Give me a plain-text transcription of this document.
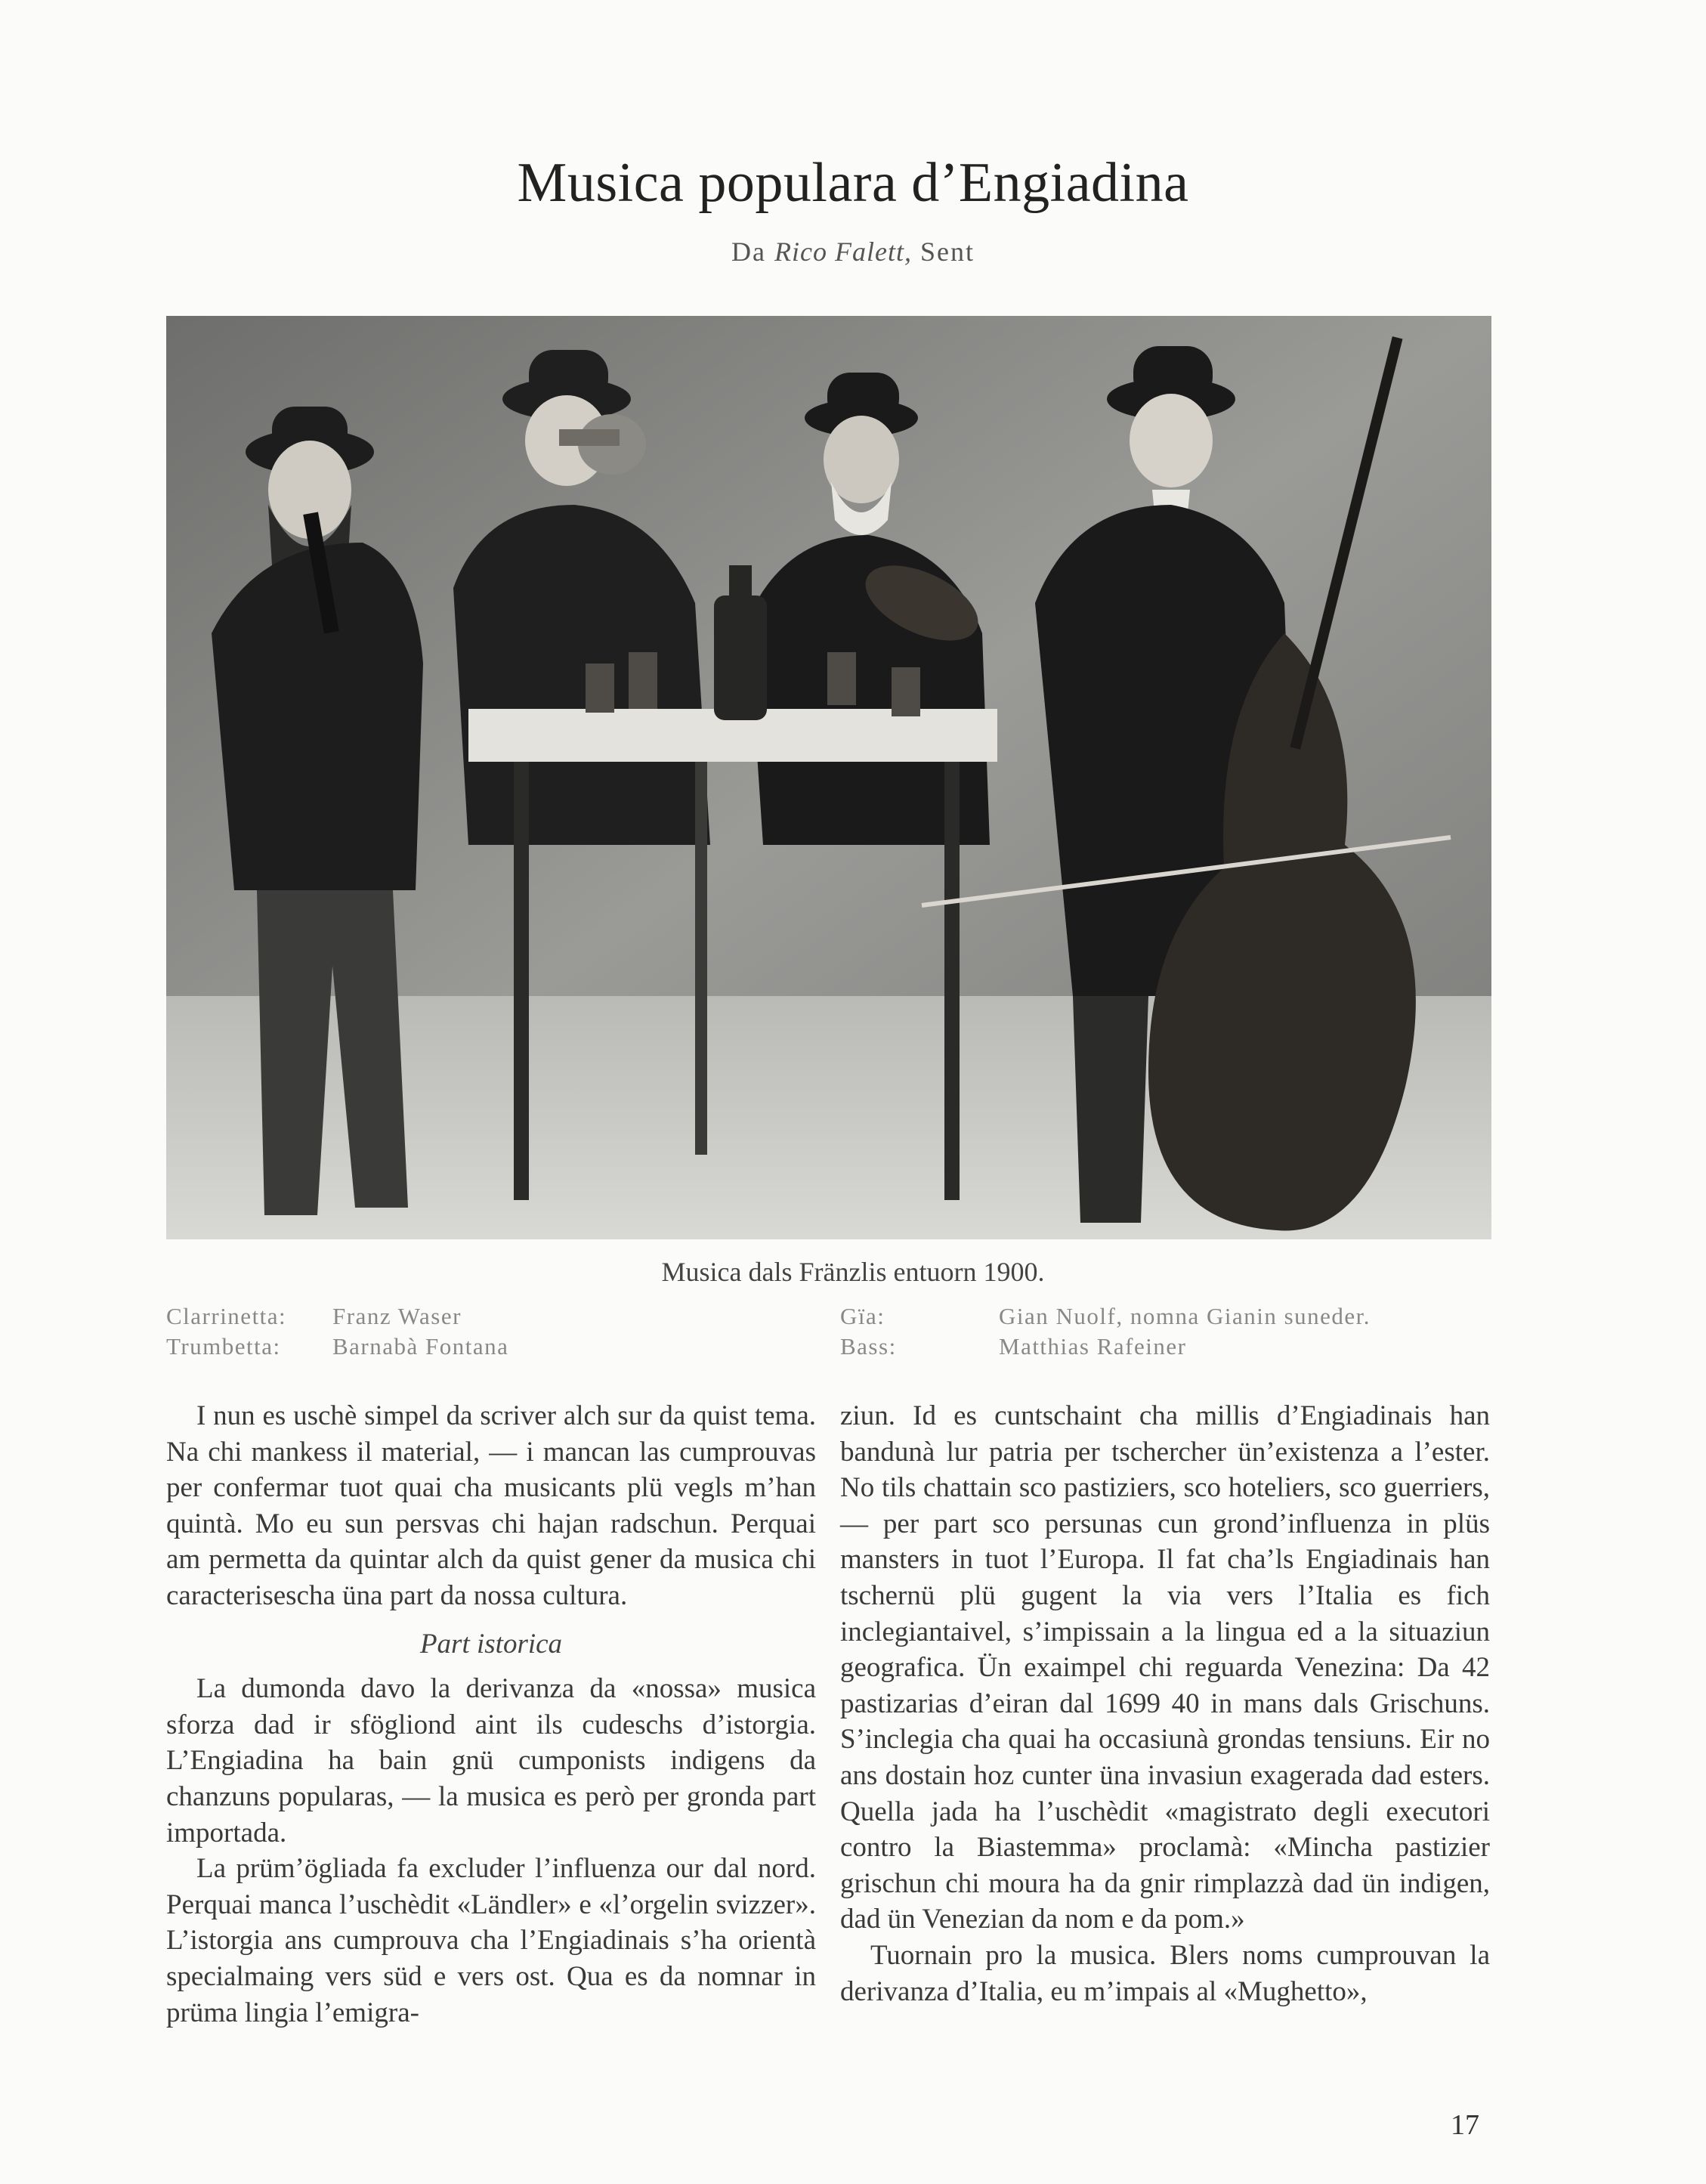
Musica populara d’Engiadina
Da Rico Falett, Sent
Musica dals Fränzlis entuorn 1900.
Clarrinetta:	Franz Waser
Trumbetta:	Barnabà Fontana
Gïa:	Gian Nuolf, nomna Gianin suneder.
Bass:	Matthias Rafeiner

I nun es uschè simpel da scriver alch sur da quist tema. Na chi mankess il material, — i mancan las cumprouvas per confermar tuot quai cha musicants plü vegls m’han quintà. Mo eu sun persvas chi hajan radschun. Perquai am permetta da quintar alch da quist gener da musica chi caracterisescha üna part da nossa cultura.

Part istorica

La dumonda davo la derivanza da «nossa» musica sforza dad ir sfögliond aint ils cudeschs d’istorgia. L’Engiadina ha bain gnü cumponists indigens da chanzuns popularas, — la musica es però per gronda part importada.

La prüm’ögliada fa excluder l’influenza our dal nord. Perquai manca l’uschèdit «Ländler» e «l’orgelin svizzer». L’istorgia ans cumprouva cha l’Engiadinais s’ha orientà specialmaing vers süd e vers ost. Qua es da nomnar in prüma lingia l’emigra-

ziun. Id es cuntschaint cha millis d’Engiadinais han bandunà lur patria per tschercher ün’existenza a l’ester. No tils chattain sco pastiziers, sco hoteliers, sco guerriers, — per part sco persunas cun grond’influenza in plüs mansters in tuot l’Europa. Il fat cha’ls Engiadinais han tschernü plü gugent la via vers l’Italia es fich inclegiantaivel, s’impissain a la lingua ed a la situaziun geografica. Ün exaimpel chi reguarda Venezina: Da 42 pastizarias d’eiran dal 1699 40 in mans dals Grischuns. S’inclegia cha quai ha occasiunà grondas tensiuns. Eir no ans dostain hoz cunter üna invasiun exagerada dad esters. Quella jada ha l’uschèdit «magistrato degli executori contro la Biastemma» proclamà: «Mincha pastizier grischun chi moura ha da gnir rimplazzà dad ün indigen, dad ün Venezian da nom e da pom.»

Tuornain pro la musica. Blers noms cumprouvan la derivanza d’Italia, eu m’impais al «Mughetto»,

17
